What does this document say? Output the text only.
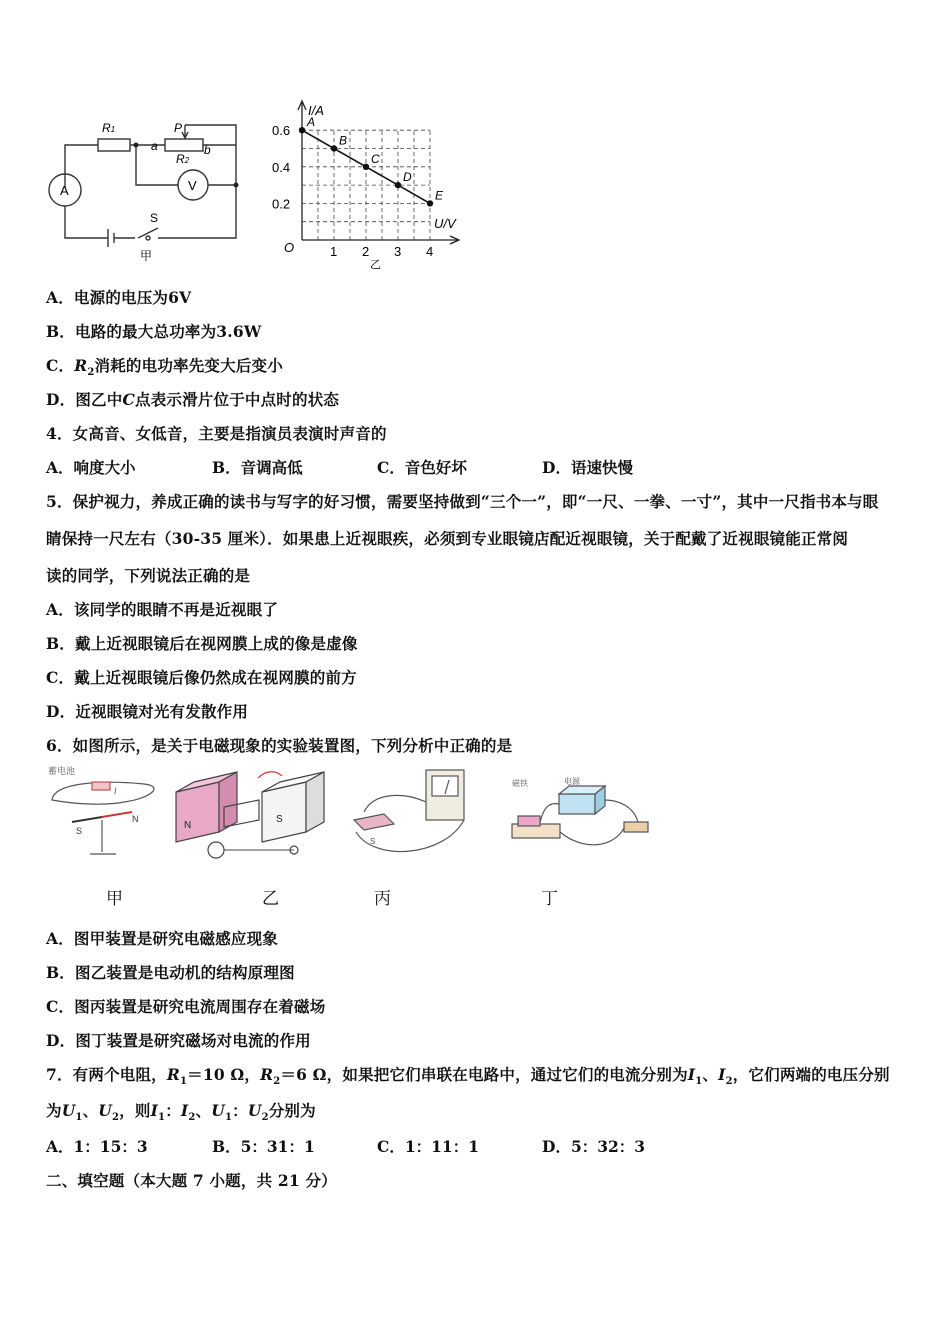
R1	P
a	b
R2
V
A
S
甲
I/A
U/V
O
0.6
0.4
0.2
1 2 3 4
乙
A
B
C
D
E
A．电源的电压为6V
B．电路的最大总功率为3.6W
C．$R_2$消耗的电功率先变大后变小
D．图乙中C点表示滑片位于中点时的状态
4．女高音、女低音，主要是指演员表演时声音的
A．响度大小	B．音调高低	C．音色好坏	D．语速快慢
5．保护视力，养成正确的读书与写字的好习惯，需要坚持做到“三个一”，即“一尺、一拳、一寸”，其中一尺指书本与眼
睛保持一尺左右（30-35 厘米）．如果患上近视眼疾，必须到专业眼镜店配近视眼镜，关于配戴了近视眼镜能正常阅
读的同学，下列说法正确的是
A．该同学的眼睛不再是近视眼了
B．戴上近视眼镜后在视网膜上成的像是虚像
C．戴上近视眼镜后像仍然成在视网膜的前方
D．近视眼镜对光有发散作用
6．如图所示，是关于电磁现象的实验装置图，下列分析中正确的是
蓄电池
I
S
N
N
S
S
电源
磁铁
甲	乙	丙	丁
A．图甲装置是研究电磁感应现象
B．图乙装置是电动机的结构原理图
C．图丙装置是研究电流周围存在着磁场
D．图丁装置是研究磁场对电流的作用
7．有两个电阻，$R_1=10$ Ω，$R_2=6$ Ω，如果把它们串联在电路中，通过它们的电流分别为$I_1$、$I_2$，它们两端的电压分别
为$U_1$、$U_2$，则$I_1$：$I_2$、$U_1$：$U_2$分别为
A．1：15：3	B．5：31：1	C．1：11：1	D．5：32：3
二、填空题（本大题 7 小题，共 21 分）
